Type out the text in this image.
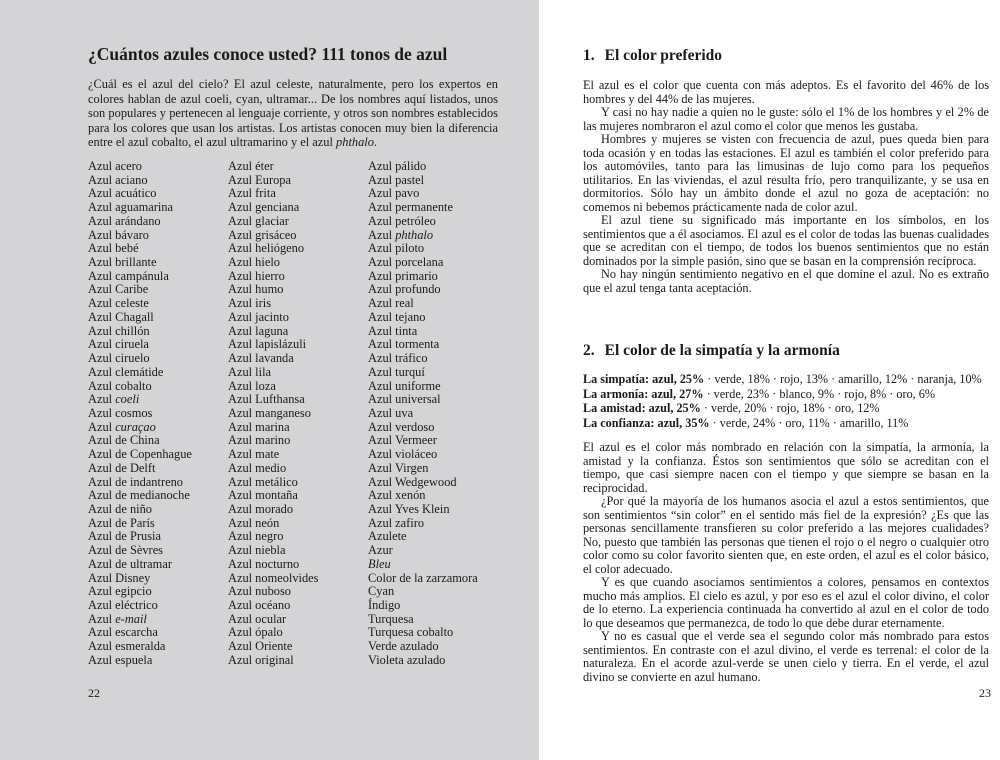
¿Cuántos azules conoce usted? 111 tonos de azul

¿Cuál es el azul del cielo? El azul celeste, naturalmente, pero los expertos en colores hablan de azul coeli, cyan, ultramar... De los nombres aquí listados, unos son populares y pertenecen al lenguaje corriente, y otros son nombres establecidos para los colores que usan los artistas. Los artistas conocen muy bien la diferencia entre el azul cobalto, el azul ultramarino y el azul phthalo.

Azul acero
Azul aciano
Azul acuático
Azul aguamarina
Azul arándano
Azul bávaro
Azul bebé
Azul brillante
Azul campánula
Azul Caribe
Azul celeste
Azul Chagall
Azul chillón
Azul ciruela
Azul ciruelo
Azul clemátide
Azul cobalto
Azul coeli
Azul cosmos
Azul curaçao
Azul de China
Azul de Copenhague
Azul de Delft
Azul de indantreno
Azul de medianoche
Azul de niño
Azul de París
Azul de Prusia
Azul de Sèvres
Azul de ultramar
Azul Disney
Azul egipcio
Azul eléctrico
Azul e-mail
Azul escarcha
Azul esmeralda
Azul espuela
Azul éter
Azul Europa
Azul frita
Azul genciana
Azul glaciar
Azul grisáceo
Azul heliógeno
Azul hielo
Azul hierro
Azul humo
Azul iris
Azul jacinto
Azul laguna
Azul lapislázuli
Azul lavanda
Azul lila
Azul loza
Azul Lufthansa
Azul manganeso
Azul marina
Azul marino
Azul mate
Azul medio
Azul metálico
Azul montaña
Azul morado
Azul neón
Azul negro
Azul niebla
Azul nocturno
Azul nomeolvides
Azul nuboso
Azul océano
Azul ocular
Azul ópalo
Azul Oriente
Azul original
Azul pálido
Azul pastel
Azul pavo
Azul permanente
Azul petróleo
Azul phthalo
Azul piloto
Azul porcelana
Azul primario
Azul profundo
Azul real
Azul tejano
Azul tinta
Azul tormenta
Azul tráfico
Azul turquí
Azul uniforme
Azul universal
Azul uva
Azul verdoso
Azul Vermeer
Azul violáceo
Azul Virgen
Azul Wedgewood
Azul xenón
Azul Yves Klein
Azul zafiro
Azulete
Azur
Bleu
Color de la zarzamora
Cyan
Índigo
Turquesa
Turquesa cobalto
Verde azulado
Violeta azulado
22
1. El color preferido

El azul es el color que cuenta con más adeptos. Es el favorito del 46% de los hombres y del 44% de las mujeres.

Y casi no hay nadie a quien no le guste: sólo el 1% de los hombres y el 2% de las mujeres nombraron el azul como el color que menos les gustaba.

Hombres y mujeres se visten con frecuencia de azul, pues queda bien para toda ocasión y en todas las estaciones. El azul es también el color preferido para los automóviles, tanto para las limusinas de lujo como para los pequeños utilitarios. En las viviendas, el azul resulta frío, pero tranquilizante, y se usa en dormitorios. Sólo hay un ámbito donde el azul no goza de aceptación: no comemos ni bebemos prácticamente nada de color azul.

El azul tiene su significado más importante en los símbolos, en los sentimientos que a él asociamos. El azul es el color de todas las buenas cualidades que se acreditan con el tiempo, de todos los buenos sentimientos que no están dominados por la simple pasión, sino que se basan en la comprensión recíproca.

No hay ningún sentimiento negativo en el que domine el azul. No es extraño que el azul tenga tanta aceptación.

2. El color de la simpatía y la armonía
La simpatía: azul, 25% · verde, 18% · rojo, 13% · amarillo, 12% · naranja, 10%
La armonía: azul, 27% · verde, 23% · blanco, 9% · rojo, 8% · oro, 6%
La amistad: azul, 25% · verde, 20% · rojo, 18% · oro, 12%
La confianza: azul, 35% · verde, 24% · oro, 11% · amarillo, 11%

El azul es el color más nombrado en relación con la simpatía, la armonía, la amistad y la confianza. Éstos son sentimientos que sólo se acreditan con el tiempo, que casi siempre nacen con el tiempo y que siempre se basan en la reciprocidad.

¿Por qué la mayoría de los humanos asocia el azul a estos sentimientos, que son sentimientos “sin color” en el sentido más fiel de la expresión? ¿Es que las personas sencillamente transfieren su color preferido a las mejores cualidades? No, puesto que también las personas que tienen el rojo o el negro o cualquier otro color como su color favorito sienten que, en este orden, el azul es el color básico, el color adecuado.

Y es que cuando asociamos sentimientos a colores, pensamos en contextos mucho más amplios. El cielo es azul, y por eso es el azul el color divino, el color de lo eterno. La experiencia continuada ha convertido al azul en el color de todo lo que deseamos que permanezca, de todo lo que debe durar eternamente.

Y no es casual que el verde sea el segundo color más nombrado para estos sentimientos. En contraste con el azul divino, el verde es terrenal: el color de la naturaleza. En el acorde azul-verde se unen cielo y tierra. En el verde, el azul divino se convierte en azul humano.

23
